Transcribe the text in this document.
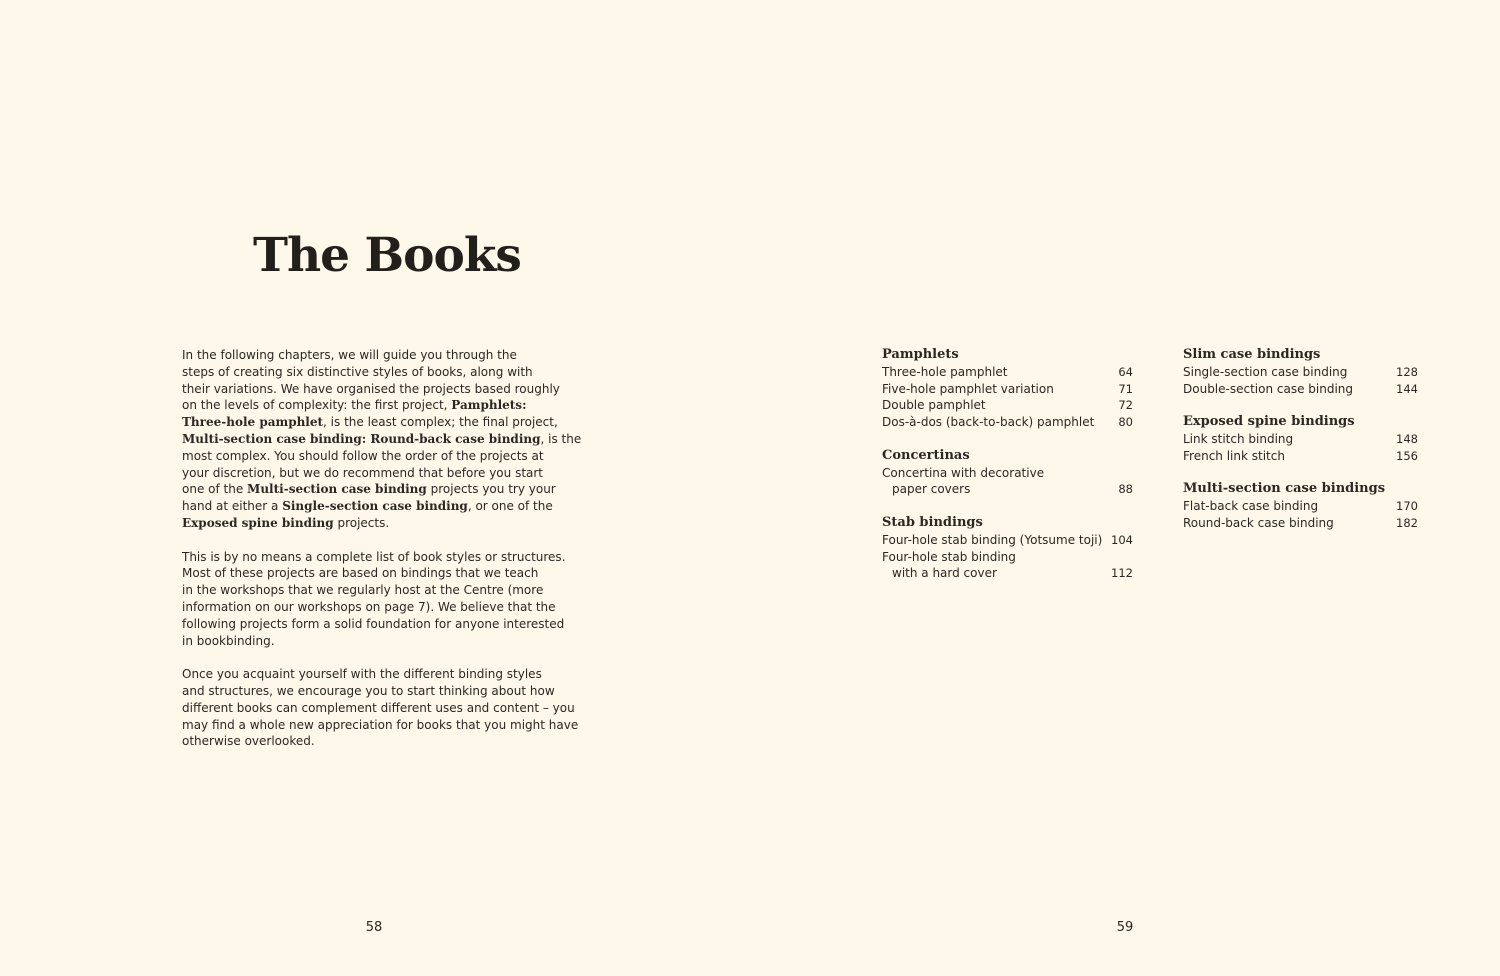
The Books
In the following chapters, we will guide you through the
steps of creating six distinctive styles of books, along with
their variations. We have organised the projects based roughly
on the levels of complexity: the first project, Pamphlets:
Three-hole pamphlet, is the least complex; the final project,
Multi-section case binding: Round-back case binding, is the
most complex. You should follow the order of the projects at
your discretion, but we do recommend that before you start
one of the Multi-section case binding projects you try your
hand at either a Single-section case binding, or one of the
Exposed spine binding projects.
This is by no means a complete list of book styles or structures.
Most of these projects are based on bindings that we teach
in the workshops that we regularly host at the Centre (more
information on our workshops on page 7). We believe that the
following projects form a solid foundation for anyone interested
in bookbinding.
Once you acquaint yourself with the different binding styles
and structures, we encourage you to start thinking about how
different books can complement different uses and content – you
may find a whole new appreciation for books that you might have
otherwise overlooked.
Pamphlets
Three-hole pamphlet	64
Five-hole pamphlet variation	71
Double pamphlet	72
Dos-à-dos (back-to-back) pamphlet 80
Concertinas
Concertina with decorative
paper covers	88
Stab bindings
Four-hole stab binding (Yotsume toji) 104
Four-hole stab binding
with a hard cover	112
Slim case bindings
Single-section case binding	128
Double-section case binding	144
Exposed spine bindings
Link stitch binding	148
French link stitch	156
Multi-section case bindings
Flat-back case binding	170
Round-back case binding	182
58	59
